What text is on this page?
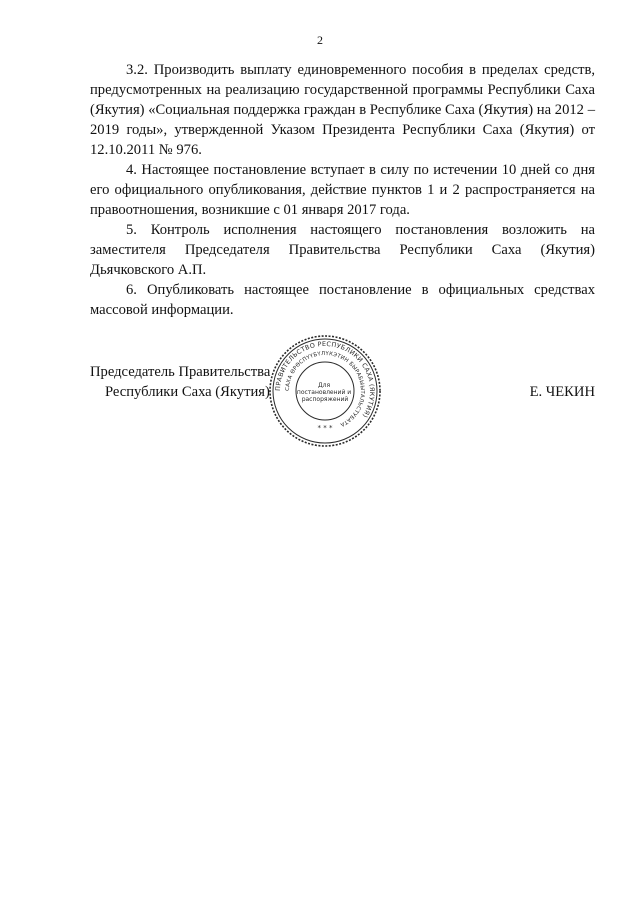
2

3.2. Производить выплату единовременного пособия в пределах средств, предусмотренных на реализацию государственной программы Республики Саха (Якутия) «Социальная поддержка граждан в Республике Саха (Якутия) на 2012 – 2019 годы», утвержденной Указом Президента Республики Саха (Якутия) от 12.10.2011 № 976.

4. Настоящее постановление вступает в силу по истечении 10 дней со дня его официального опубликования, действие пунктов 1 и 2 распространяется на правоотношения, возникшие с 01 января 2017 года.

5. Контроль исполнения настоящего постановления возложить на заместителя Председателя Правительства Республики Саха (Якутия) Дьячковского А.П.

6. Опубликовать настоящее постановление в официальных средствах массовой информации.

Председатель Правительства
Республики Саха (Якутия)	Е. ЧЕКИН
ПРАВИТЕЛЬСТВО РЕСПУБЛИКИ САХА (ЯКУТИЯ)
САХА ӨРӨСПҮҮБҮЛҮКЭТИН БЫРАБЫЫТАЛЬСТУБАТА
Для постановлений и распоряжений
* * *
